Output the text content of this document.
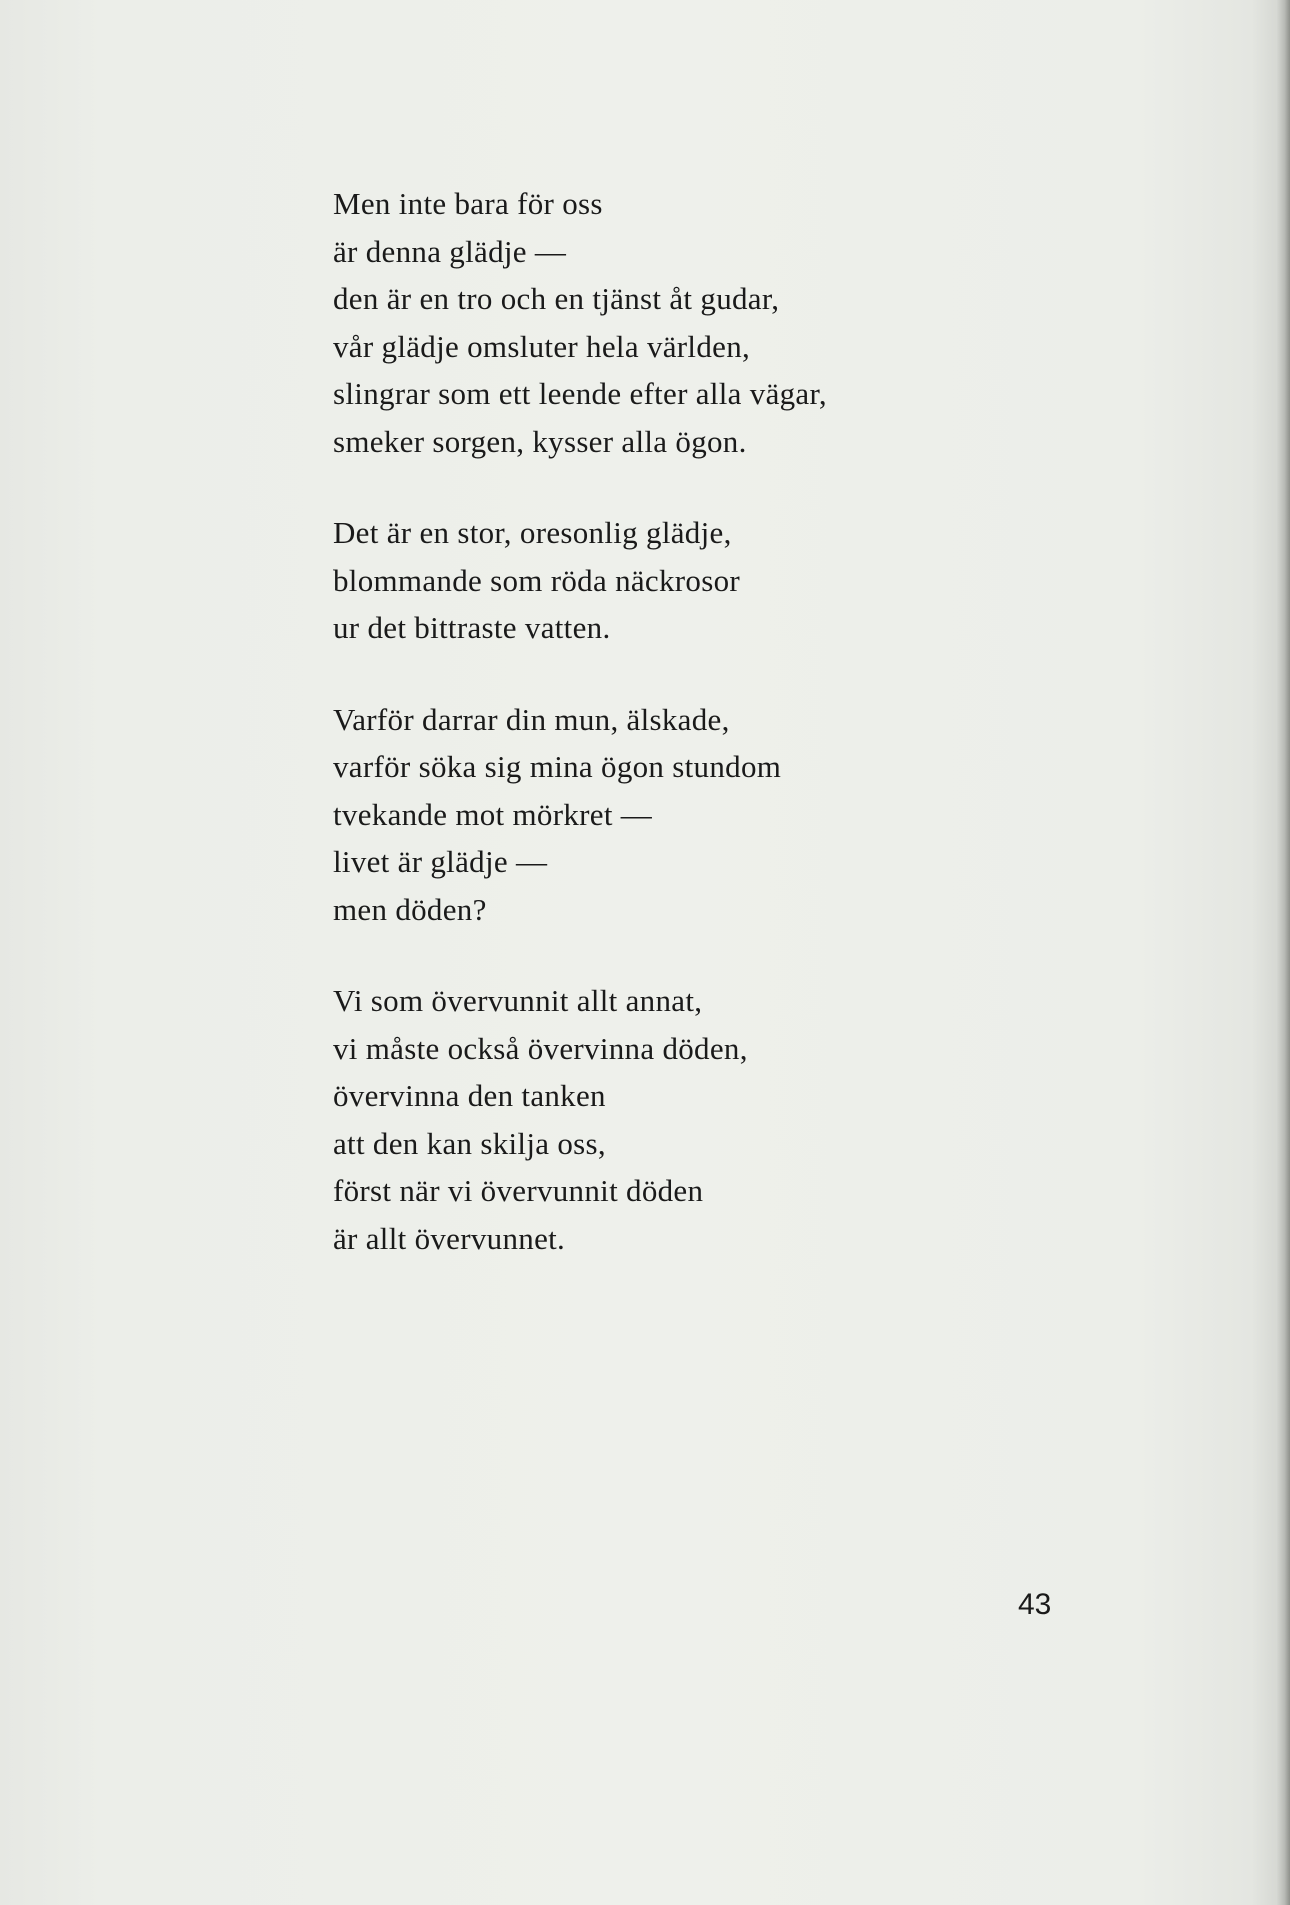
Men inte bara för oss
är denna glädje —
den är en tro och en tjänst åt gudar,
vår glädje omsluter hela världen,
slingrar som ett leende efter alla vägar,
smeker sorgen, kysser alla ögon.
Det är en stor, oresonlig glädje,
blommande som röda näckrosor
ur det bittraste vatten.
Varför darrar din mun, älskade,
varför söka sig mina ögon stundom
tvekande mot mörkret —
livet är glädje —
men döden?
Vi som övervunnit allt annat,
vi måste också övervinna döden,
övervinna den tanken
att den kan skilja oss,
först när vi övervunnit döden
är allt övervunnet.
43
